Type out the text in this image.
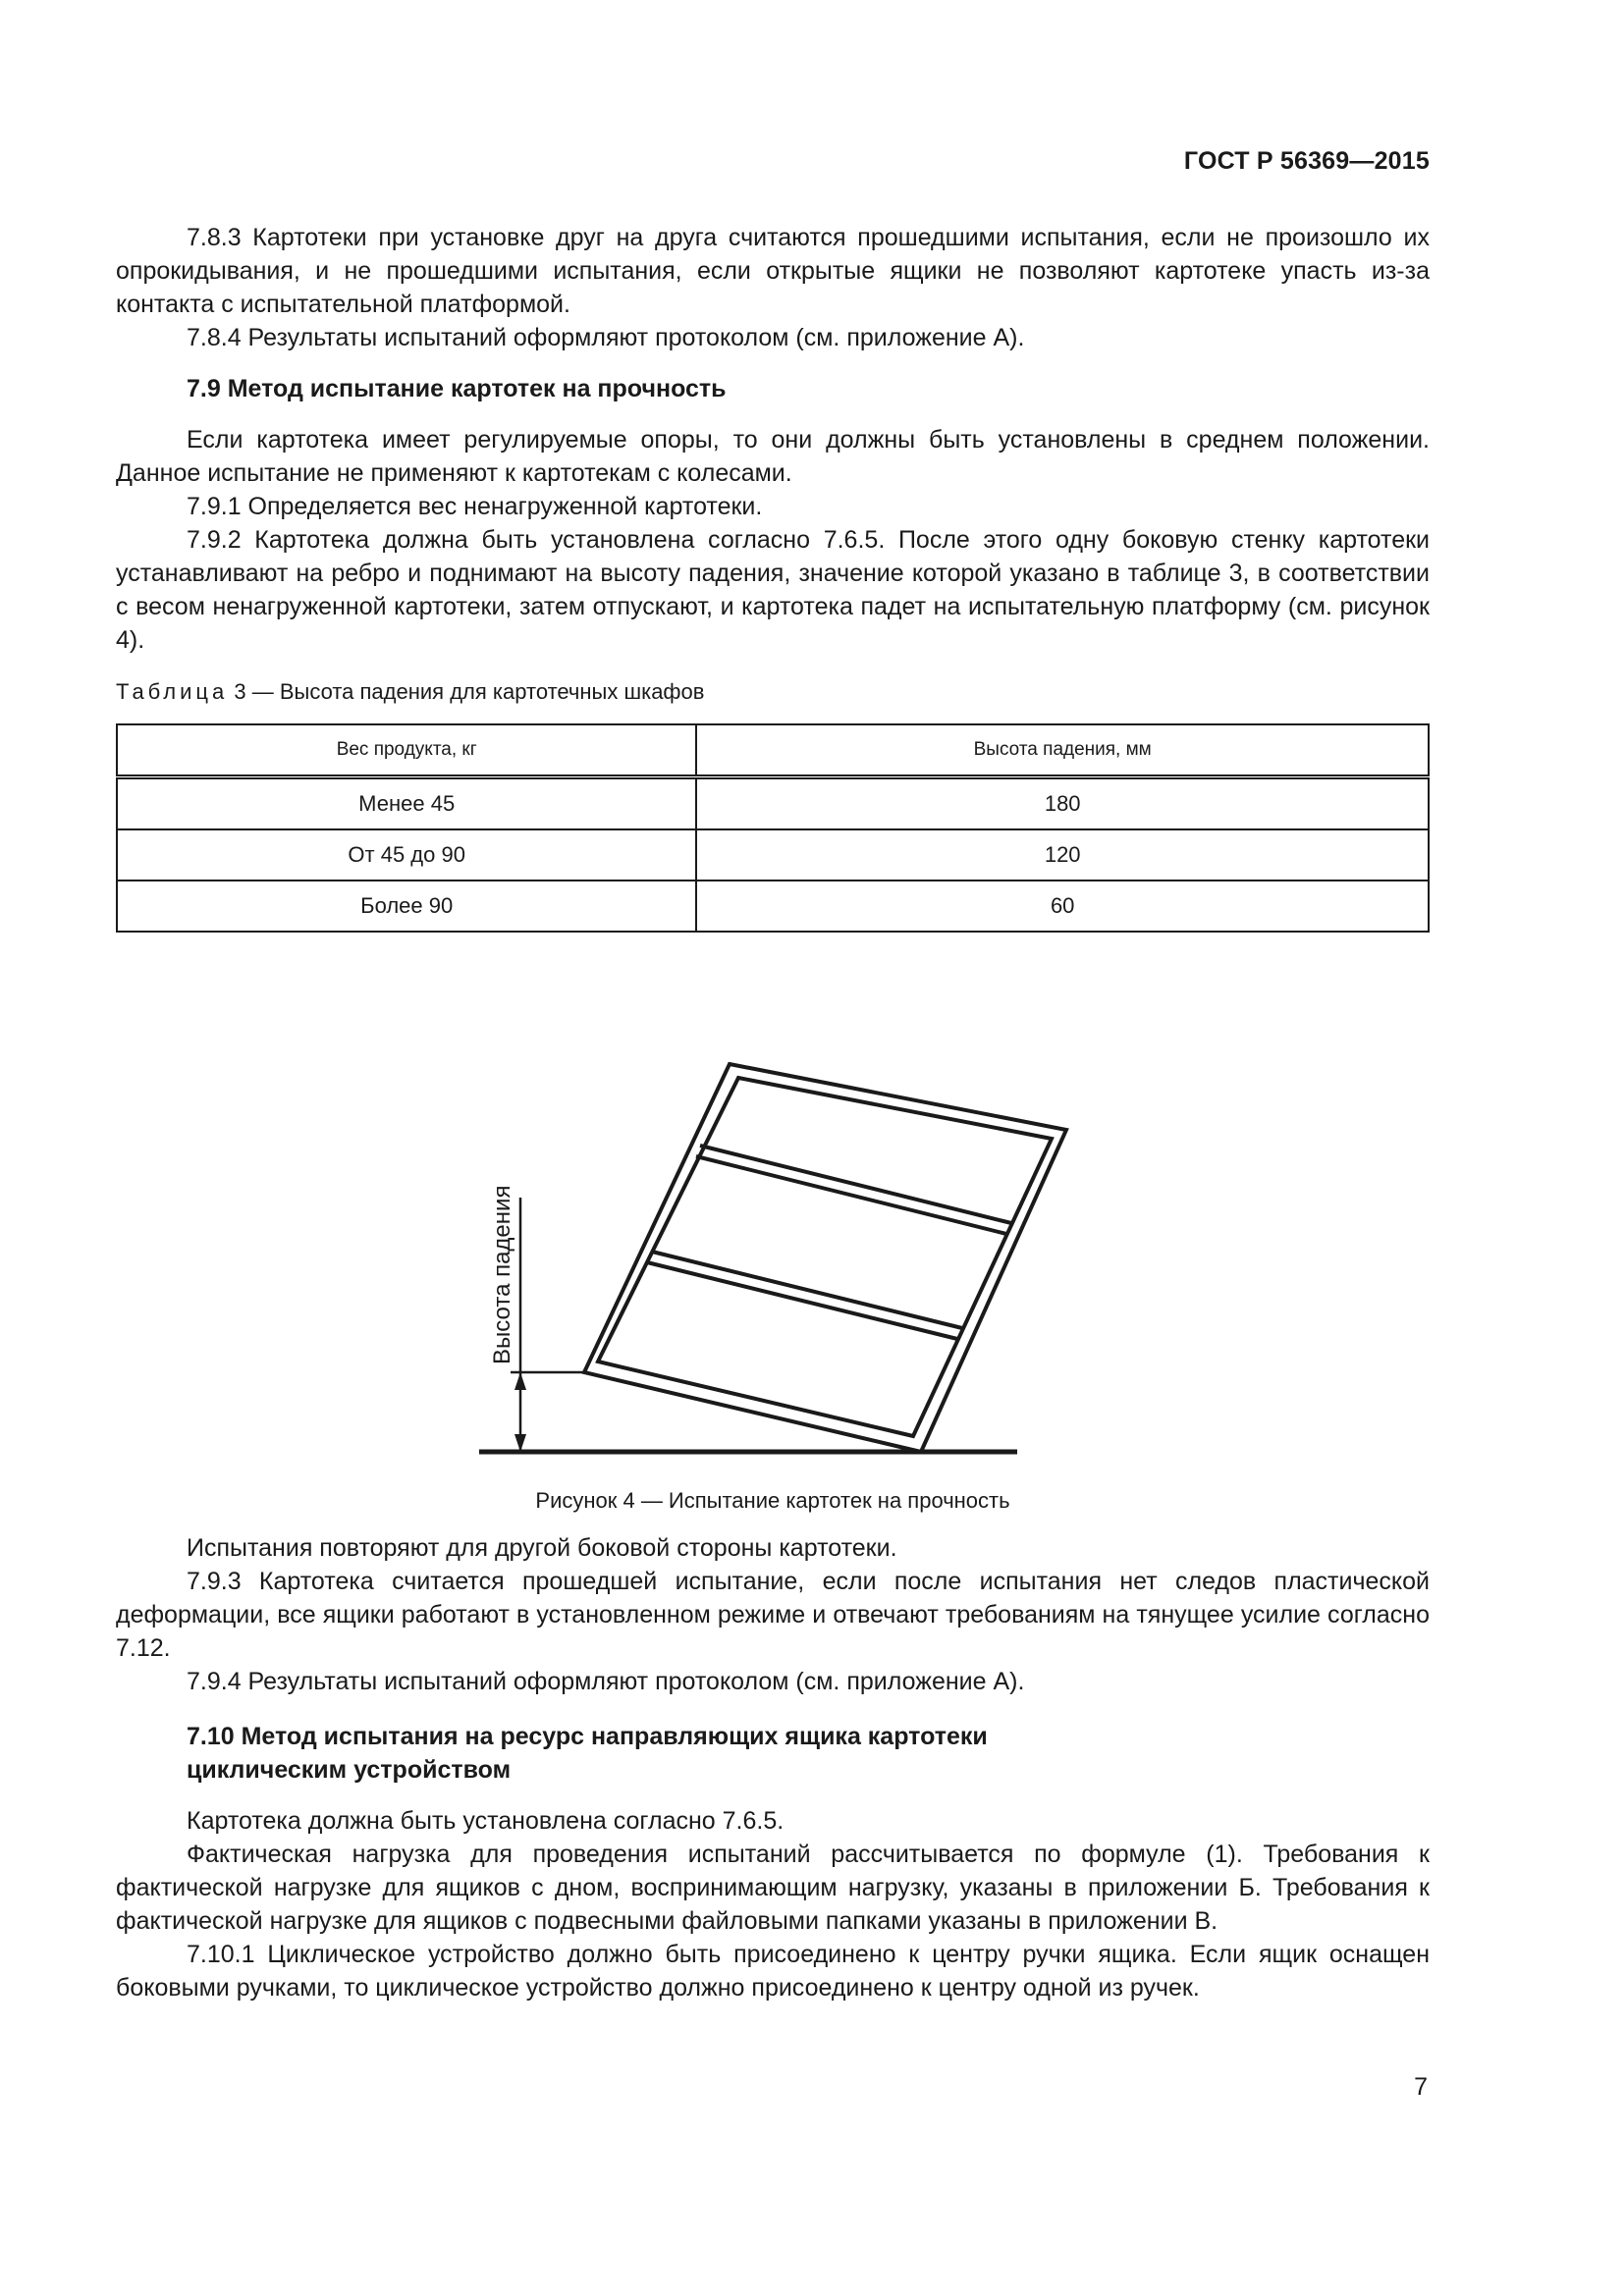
ГОСТ Р 56369—2015

7.8.3 Картотеки при установке друг на друга считаются прошедшими испытания, если не произошло их опрокидывания, и не прошедшими испытания, если открытые ящики не позволяют картотеке упасть из-за контакта с испытательной платформой.

7.8.4 Результаты испытаний оформляют протоколом (см. приложение А).

7.9 Метод испытание картотек на прочность

Если картотека имеет регулируемые опоры, то они должны быть установлены в среднем положении. Данное испытание не применяют к картотекам с колесами.

7.9.1 Определяется вес ненагруженной картотеки.

7.9.2 Картотека должна быть установлена согласно 7.6.5. После этого одну боковую стенку картотеки устанавливают на ребро и поднимают на высоту падения, значение которой указано в таблице 3, в соответствии с весом ненагруженной картотеки, затем отпускают, и картотека падет на испытательную платформу (см. рисунок 4).

Таблица 3 — Высота падения для картотечных шкафов

Вес продукта, кг	Высота падения, мм
Менее 45	180
От 45 до 90	120
Более 90	60
Высота падения
Рисунок 4 — Испытание картотек на прочность

Испытания повторяют для другой боковой стороны картотеки.

7.9.3 Картотека считается прошедшей испытание, если после испытания нет следов пластической деформации, все ящики работают в установленном режиме и отвечают требованиям на тянущее усилие согласно 7.12.

7.9.4 Результаты испытаний оформляют протоколом (см. приложение А).

7.10 Метод испытания на ресурс направляющих ящика картотеки

циклическим устройством

Картотека должна быть установлена согласно 7.6.5.

Фактическая нагрузка для проведения испытаний рассчитывается по формуле (1). Требования к фактической нагрузке для ящиков с дном, воспринимающим нагрузку, указаны в приложении Б. Требования к фактической нагрузке для ящиков с подвесными файловыми папками указаны в приложении В.

7.10.1 Циклическое устройство должно быть присоединено к центру ручки ящика. Если ящик оснащен боковыми ручками, то циклическое устройство должно присоединено к центру одной из ручек.

7
